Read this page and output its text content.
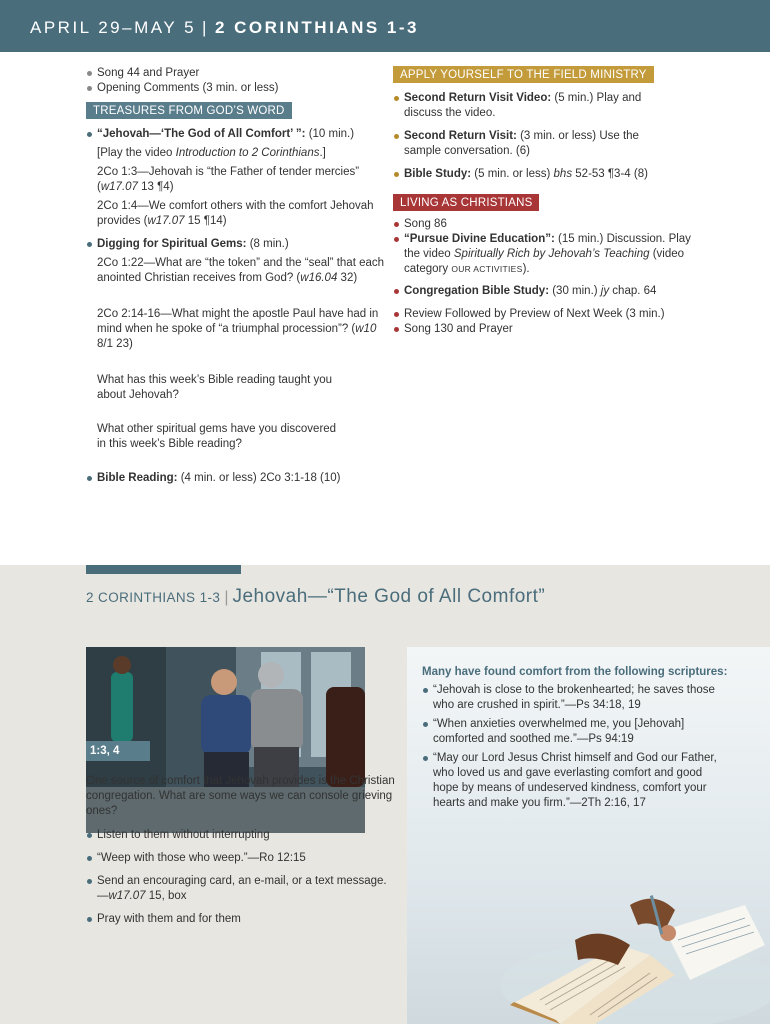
APRIL 29–MAY 5 | 2 CORINTHIANS 1-3
Song 44 and Prayer
Opening Comments (3 min. or less)
TREASURES FROM GOD’S WORD
“Jehovah—‘The God of All Comfort’ ”: (10 min.)
[Play the video Introduction to 2 Corinthians.]
2Co 1:3—Jehovah is “the Father of tender mercies” (w17.07 13 ¶4)
2Co 1:4—We comfort others with the comfort Jehovah provides (w17.07 15 ¶14)
Digging for Spiritual Gems: (8 min.)
2Co 1:22—What are “the token” and the “seal” that each anointed Christian receives from God? (w16.04 32)
2Co 2:14-16—What might the apostle Paul have had in mind when he spoke of “a triumphal procession”? (w10 8/1 23)
What has this week’s Bible reading taught you about Jehovah?
What other spiritual gems have you discovered in this week’s Bible reading?
Bible Reading: (4 min. or less) 2Co 3:1-18 (10)
APPLY YOURSELF TO THE FIELD MINISTRY
Second Return Visit Video: (5 min.) Play and discuss the video.
Second Return Visit: (3 min. or less) Use the sample conversation. (6)
Bible Study: (5 min. or less) bhs 52-53 ¶3-4 (8)
LIVING AS CHRISTIANS
Song 86
“Pursue Divine Education”: (15 min.) Discussion. Play the video Spiritually Rich by Jehovah’s Teaching (video category OUR ACTIVITIES).
Congregation Bible Study: (30 min.) jy chap. 64
Review Followed by Preview of Next Week (3 min.)
Song 130 and Prayer
2 CORINTHIANS 1-3 | Jehovah—“The God of All Comfort”
1:3, 4

One source of comfort that Jehovah provides is the Christian congregation. What are some ways we can console grieving ones?

Listen to them without interrupting
“Weep with those who weep.”—Ro 12:15
Send an encouraging card, an e-mail, or a text message. —w17.07 15, box
Pray with them and for them
Many have found comfort from the following scriptures:
“Jehovah is close to the brokenhearted; he saves those who are crushed in spirit.”—Ps 34:18, 19
“When anxieties overwhelmed me, you [Jehovah] comforted and soothed me.”—Ps 94:19
“May our Lord Jesus Christ himself and God our Father, who loved us and gave everlasting comfort and good hope by means of undeserved kindness, comfort your hearts and make you firm.”—2Th 2:16, 17
